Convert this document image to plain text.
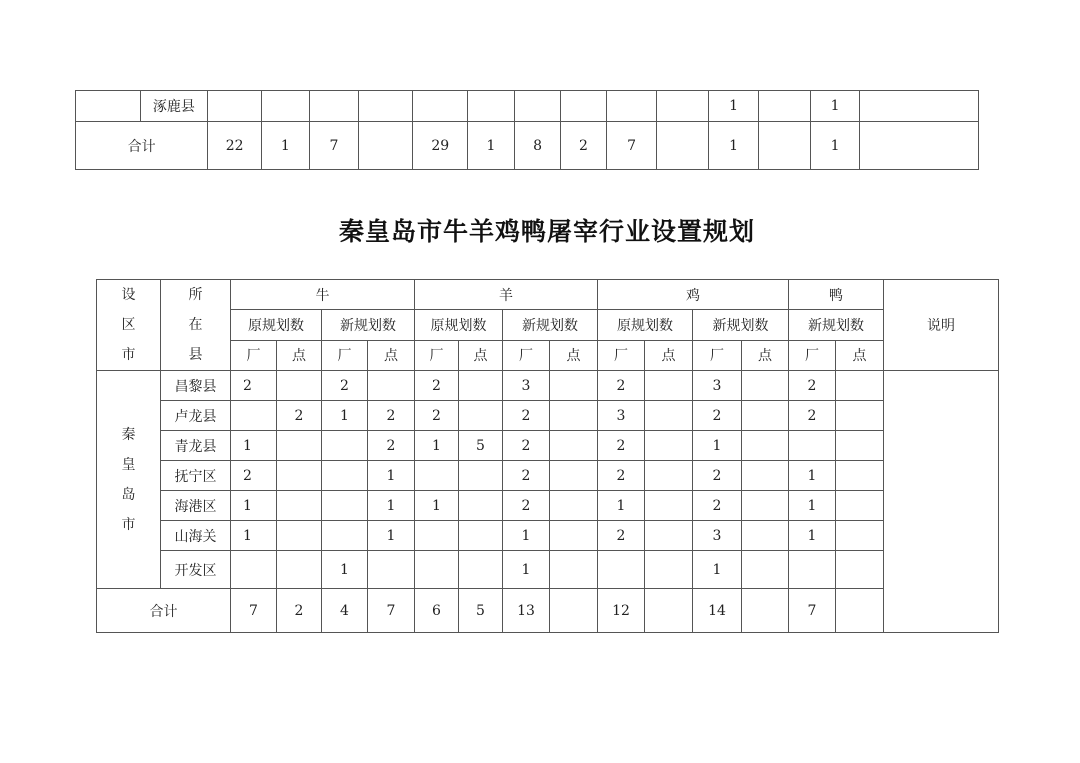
	涿鹿县											1		1	
合计		22	1	7		29	1	8	2	7		1		1	
秦皇岛市牛羊鸡鸭屠宰行业设置规划
设
区
市	所
在
县	牛				羊				鸡				鸭		说明
		原规划数		新规划数		原规划数		新规划数		原规划数		新规划数		新规划数		
		厂	点	厂	点	厂	点	厂	点	厂	点	厂	点	厂	点	

秦
皇
岛
市	昌黎县	2		2		2		3		2		3		2		
	卢龙县		2	1	2	2		2		3		2		2		
	青龙县	1			2	1	5	2		2		1				
	抚宁区	2			1			2		2		2		1		
	海港区	1			1	1		2		1		2		1		
	山海关	1			1			1		2		3		1		
	开发区			1				1				1				
合计		7	2	4	7	6	5	13		12		14		7		
